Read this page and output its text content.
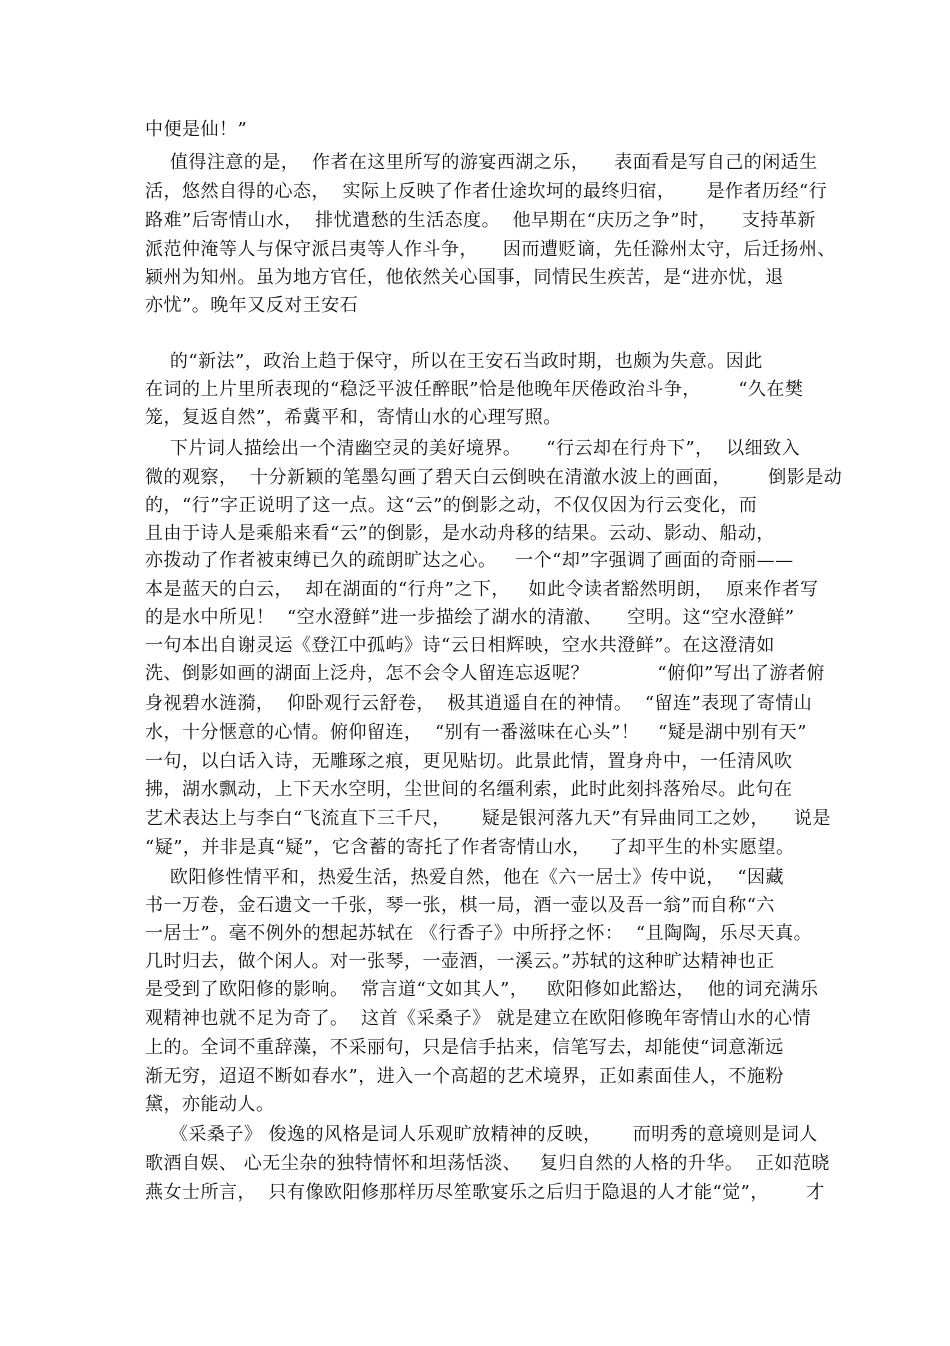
中便是仙！”
值得注意的是，  作者在这里所写的游宴西湖之乐，    表面看是写自己的闲适生
活，悠然自得的心态，  实际上反映了作者仕途坎坷的最终归宿，     是作者历经“行
路难”后寄情山水，  排忧遣愁的生活态度。  他早期在“庆历之争”时，    支持革新
派范仲淹等人与保守派吕夷等人作斗争，    因而遭贬谪，先任滁州太守，后迁扬州、
颍州为知州。虽为地方官任，他依然关心国事，同情民生疾苦，是“进亦忧，退
亦忧”。晚年又反对王安石
的“新法”，政治上趋于保守，所以在王安石当政时期，也颇为失意。因此
在词的上片里所表现的“稳泛平波任醉眠”恰是他晚年厌倦政治斗争，      “久在樊
笼，复返自然”，希冀平和，寄情山水的心理写照。
下片词人描绘出一个清幽空灵的美好境界。    “行云却在行舟下”，  以细致入
微的观察，  十分新颖的笔墨勾画了碧天白云倒映在清澈水波上的画面，      倒影是动
的，“行”字正说明了这一点。这“云”的倒影之动，不仅仅因为行云变化，而
且由于诗人是乘船来看“云”的倒影，是水动舟移的结果。云动、影动、船动，
亦拨动了作者被束缚已久的疏朗旷达之心。   一个“却”字强调了画面的奇丽——
本是蓝天的白云，  却在湖面的“行舟”之下，   如此令读者豁然明朗，  原来作者写
的是水中所见！  “空水澄鲜”进一步描绘了湖水的清澈、    空明。这“空水澄鲜”
一句本出自谢灵运《登江中孤屿》诗“云日相辉映，空水共澄鲜”。在这澄清如
洗、倒影如画的湖面上泛舟，怎不会令人留连忘返呢？           “俯仰”写出了游者俯
身视碧水涟漪，  仰卧观行云舒卷，  极其逍遥自在的神情。  “留连”表现了寄情山
水，十分惬意的心情。俯仰留连，  “别有一番滋味在心头”！   “疑是湖中别有天”
一句，以白话入诗，无雕琢之痕，更见贴切。此景此情，置身舟中，一任清风吹
拂，湖水飘动，上下天水空明，尘世间的名缰利索，此时此刻抖落殆尽。此句在
艺术表达上与李白“飞流直下三千尺，     疑是银河落九天”有异曲同工之妙，    说是
“疑”，并非是真“疑”，它含蓄的寄托了作者寄情山水，   了却平生的朴实愿望。
欧阳修性情平和，热爱生活，热爱自然，他在《六一居士》传中说，  “因藏
书一万卷，金石遗文一千张，琴一张，棋一局，酒一壶以及吾一翁”而自称“六
一居士”。毫不例外的想起苏轼在 《行香子》中所抒之怀：  “且陶陶，乐尽天真。
几时归去，做个闲人。对一张琴，一壶酒，一溪云。”苏轼的这种旷达精神也正
是受到了欧阳修的影响。  常言道“文如其人”，   欧阳修如此豁达，  他的词充满乐
观精神也就不足为奇了。  这首《采桑子》 就是建立在欧阳修晚年寄情山水的心情
上的。全词不重辞藻，不采丽句，只是信手拈来，信笔写去，却能使“词意渐远
渐无穷，迢迢不断如春水”，进入一个高超的艺术境界，正如素面佳人，不施粉
黛，亦能动人。
《采桑子》 俊逸的风格是词人乐观旷放精神的反映，     而明秀的意境则是词人
歌酒自娱、 心无尘杂的独特情怀和坦荡恬淡、   复归自然的人格的升华。  正如范晓
燕女士所言，  只有像欧阳修那样历尽笙歌宴乐之后归于隐退的人才能“觉”，      才
